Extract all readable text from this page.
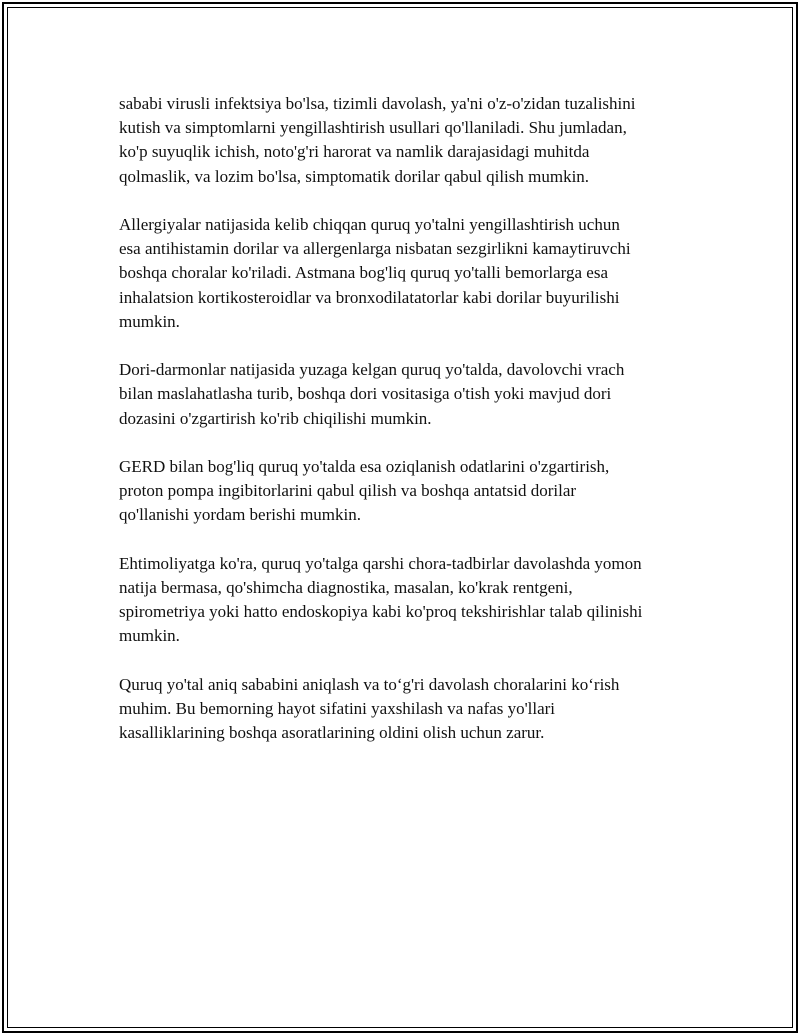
sababi virusli infektsiya bo'lsa, tizimli davolash, ya'ni o'z-o'zidan tuzalishini
kutish va simptomlarni yengillashtirish usullari qo'llaniladi. Shu jumladan,
ko'p suyuqlik ichish, noto'g'ri harorat va namlik darajasidagi muhitda
qolmaslik, va lozim bo'lsa, simptomatik dorilar qabul qilish mumkin.

Allergiyalar natijasida kelib chiqqan quruq yo'talni yengillashtirish uchun
esa antihistamin dorilar va allergenlarga nisbatan sezgirlikni kamaytiruvchi
boshqa choralar ko'riladi. Astmana bog'liq quruq yo'talli bemorlarga esa
inhalatsion kortikosteroidlar va bronxodilatatorlar kabi dorilar buyurilishi
mumkin.

Dori-darmonlar natijasida yuzaga kelgan quruq yo'talda, davolovchi vrach
bilan maslahatlasha turib, boshqa dori vositasiga o'tish yoki mavjud dori
dozasini o'zgartirish ko'rib chiqilishi mumkin.

GERD bilan bog'liq quruq yo'talda esa oziqlanish odatlarini o'zgartirish,
proton pompa ingibitorlarini qabul qilish va boshqa antatsid dorilar
qo'llanishi yordam berishi mumkin.

Ehtimoliyatga ko'ra, quruq yo'talga qarshi chora-tadbirlar davolashda yomon
natija bermasa, qo'shimcha diagnostika, masalan, ko'krak rentgeni,
spirometriya yoki hatto endoskopiya kabi ko'proq tekshirishlar talab qilinishi
mumkin.

Quruq yo'tal aniq sababini aniqlash va to‘g'ri davolash choralarini ko‘rish
muhim. Bu bemorning hayot sifatini yaxshilash va nafas yo'llari
kasalliklarining boshqa asoratlarining oldini olish uchun zarur.
